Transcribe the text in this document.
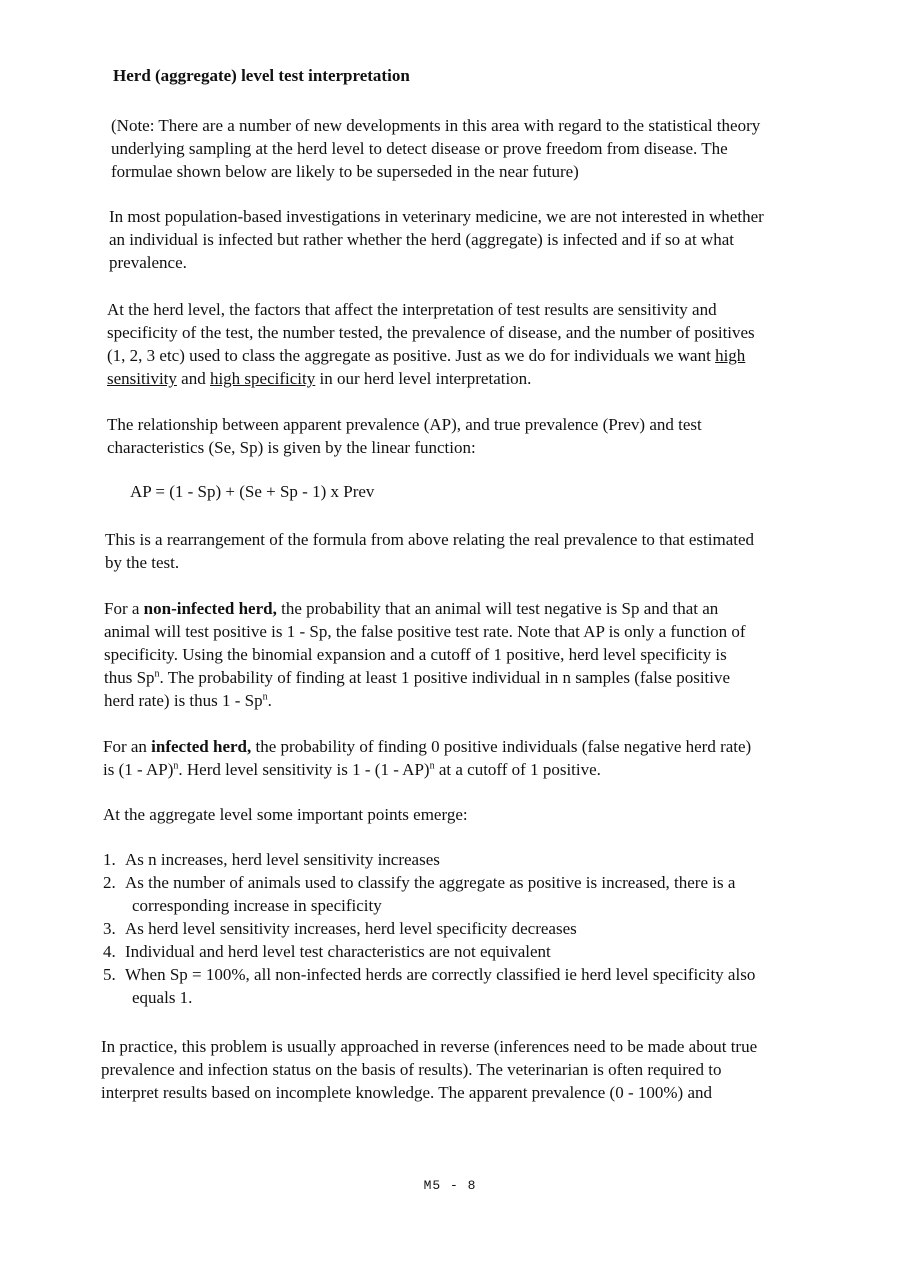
Herd (aggregate) level test interpretation
(Note: There are a number of new developments in this area with regard to the statistical theory
underlying sampling at the herd level to detect disease or prove freedom from disease. The
formulae shown below are likely to be superseded in the near future)
In most population-based investigations in veterinary medicine, we are not interested in whether
an individual is infected but rather whether the herd (aggregate) is infected and if so at what
prevalence.
At the herd level, the factors that affect the interpretation of test results are sensitivity and
specificity of the test, the number tested, the prevalence of disease, and the number of positives
(1, 2, 3 etc) used to class the aggregate as positive. Just as we do for individuals we want high
sensitivity and high specificity in our herd level interpretation.
The relationship between apparent prevalence (AP), and true prevalence (Prev) and test
characteristics (Se, Sp) is given by the linear function:
AP = (1 - Sp) + (Se + Sp - 1) x Prev
This is a rearrangement of the formula from above relating the real prevalence to that estimated
by the test.
For a non-infected herd, the probability that an animal will test negative is Sp and that an
animal will test positive is 1 - Sp, the false positive test rate. Note that AP is only a function of
specificity. Using the binomial expansion and a cutoff of 1 positive, herd level specificity is
thus Sp$^n$. The probability of finding at least 1 positive individual in n samples (false positive
herd rate) is thus 1 - Sp$^n$.
For an infected herd, the probability of finding 0 positive individuals (false negative herd rate)
is (1 - AP)$^n$. Herd level sensitivity is 1 - (1 - AP)$^n$ at a cutoff of 1 positive.
At the aggregate level some important points emerge:
1. As n increases, herd level sensitivity increases
2. As the number of animals used to classify the aggregate as positive is increased, there is a
corresponding increase in specificity
3. As herd level sensitivity increases, herd level specificity decreases
4. Individual and herd level test characteristics are not equivalent
5. When Sp = 100%, all non-infected herds are correctly classified ie herd level specificity also
equals 1.
In practice, this problem is usually approached in reverse (inferences need to be made about true
prevalence and infection status on the basis of results). The veterinarian is often required to
interpret results based on incomplete knowledge. The apparent prevalence (0 - 100%) and
M5 - 8
